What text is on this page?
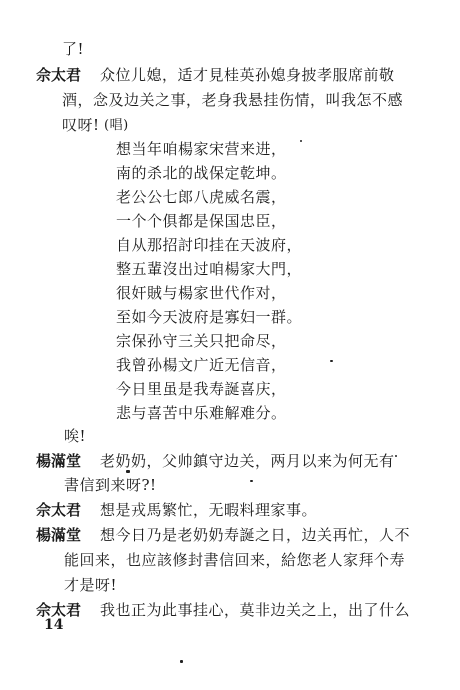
了!
佘太君 众位儿媳，适才見桂英孙媳身披孝服席前敬
酒，念及边关之事，老身我悬挂伤情，叫我怎不感
叹呀! (唱)
想当年咱楊家宋营来进，
南的杀北的战保定乾坤。
老公公七郎八虎威名震，
一个个俱都是保国忠臣，
自从那招討印挂在天波府，
整五輩沒出过咱楊家大門，
很奸賊与楊家世代作对，
至如今天波府是寡妇一群。
宗保孙守三关只把命尽，
我曾孙楊文广近无信音，
今日里虽是我寿誕喜庆，
悲与喜苦中乐难解难分。
唉!
楊滿堂 老奶奶，父帅鎮守边关，两月以来为何无有
書信到来呀?!
佘太君 想是戎馬繁忙，无暇料理家事。
楊滿堂 想今日乃是老奶奶寿誕之日，边关再忙，人不
能回来，也应該修封書信回来，給您老人家拜个寿
才是呀!
佘太君 我也正为此事挂心，莫非边关之上，出了什么
14
